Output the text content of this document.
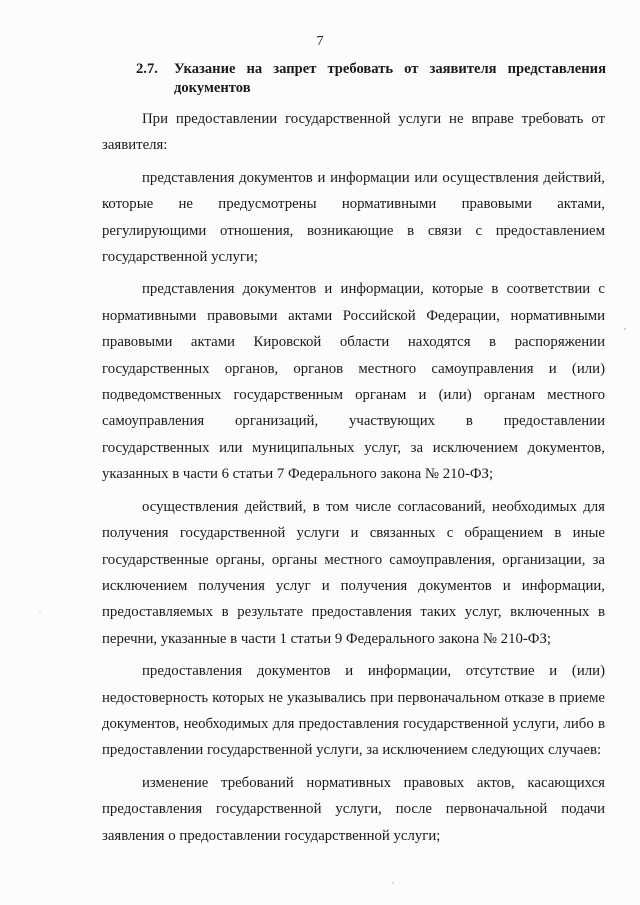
7
2.7. Указание на запрет требовать от заявителя представления документов

При предоставлении государственной услуги не вправе требовать от заявителя:

представления документов и информации или осуществления действий, которые не предусмотрены нормативными правовыми актами, регулирующими отношения, возникающие в связи с предоставлением государственной услуги;

представления документов и информации, которые в соответствии с нормативными правовыми актами Российской Федерации, нормативными правовыми актами Кировской области находятся в распоряжении государственных органов, органов местного самоуправления и (или) подведомственных государственным органам и (или) органам местного самоуправления организаций, участвующих в предоставлении государственных или муниципальных услуг, за исключением документов, указанных в части 6 статьи 7 Федерального закона № 210-ФЗ;

осуществления действий, в том числе согласований, необходимых для получения государственной услуги и связанных с обращением в иные государственные органы, органы местного самоуправления, организации, за исключением получения услуг и получения документов и информации, предоставляемых в результате предоставления таких услуг, включенных в перечни, указанные в части 1 статьи 9 Федерального закона № 210-ФЗ;

предоставления документов и информации, отсутствие и (или) недостоверность которых не указывались при первоначальном отказе в приеме документов, необходимых для предоставления государственной услуги, либо в предоставлении государственной услуги, за исключением следующих случаев:

изменение требований нормативных правовых актов, касающихся предоставления государственной услуги, после первоначальной подачи заявления о предоставлении государственной услуги;
